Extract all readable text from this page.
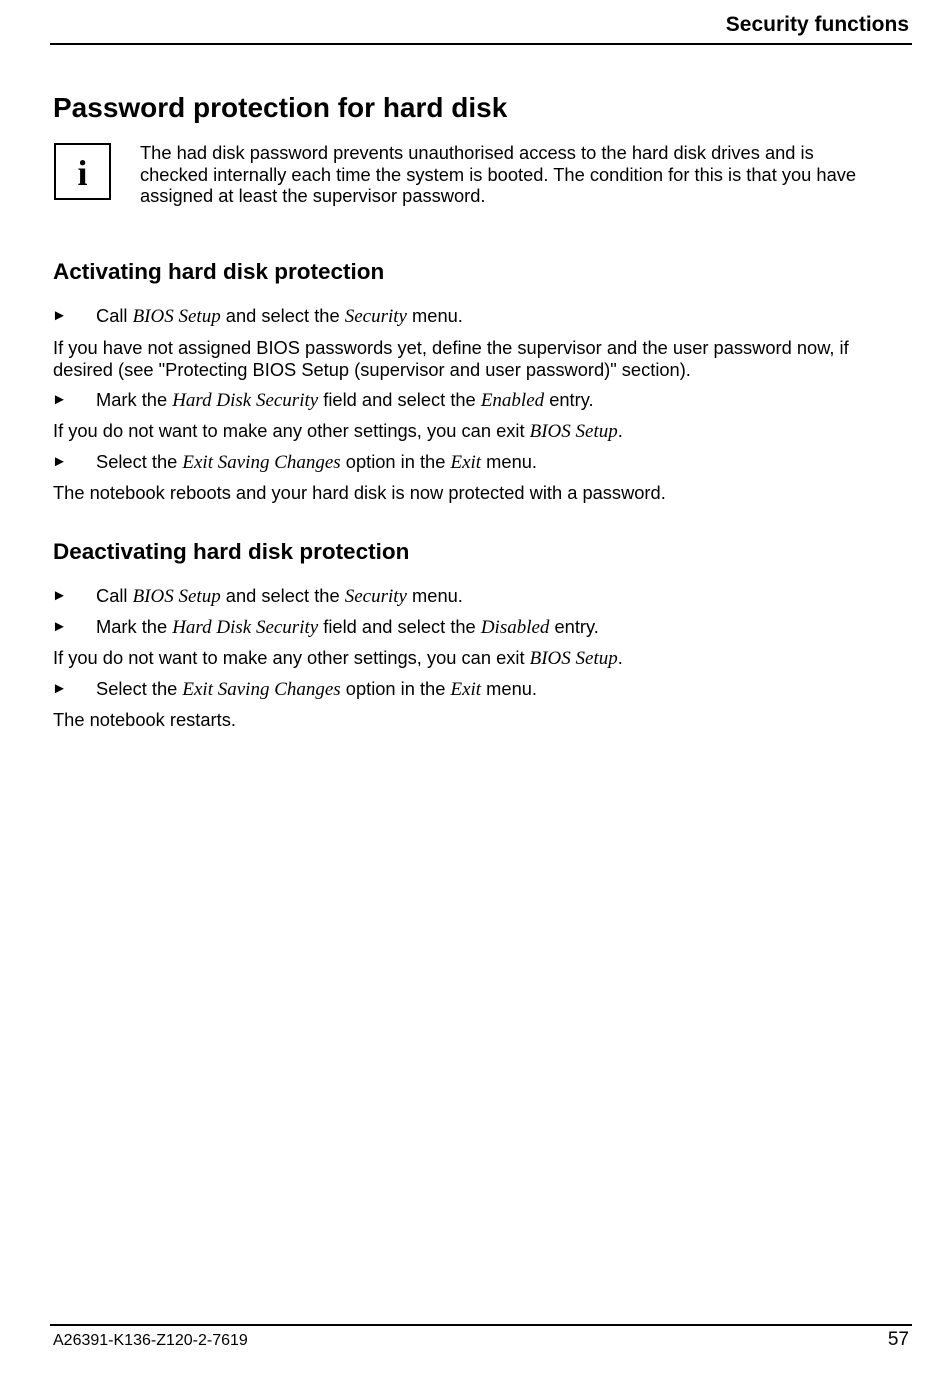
Security functions
Password protection for hard disk
i	The had disk password prevents unauthorised access to the hard disk drives and is
checked internally each time the system is booted. The condition for this is that you have
assigned at least the supervisor password.

Activating hard disk protection
► Call BIOS Setup and select the Security menu.

If you have not assigned BIOS passwords yet, define the supervisor and the user password now, if
desired (see "Protecting BIOS Setup (supervisor and user password)" section).

► Mark the Hard Disk Security field and select the Enabled entry.

If you do not want to make any other settings, you can exit BIOS Setup.

► Select the Exit Saving Changes option in the Exit menu.

The notebook reboots and your hard disk is now protected with a password.

Deactivating hard disk protection
► Call BIOS Setup and select the Security menu.

► Mark the Hard Disk Security field and select the Disabled entry.

If you do not want to make any other settings, you can exit BIOS Setup.

► Select the Exit Saving Changes option in the Exit menu.

The notebook restarts.

A26391-K136-Z120-2-7619	57
